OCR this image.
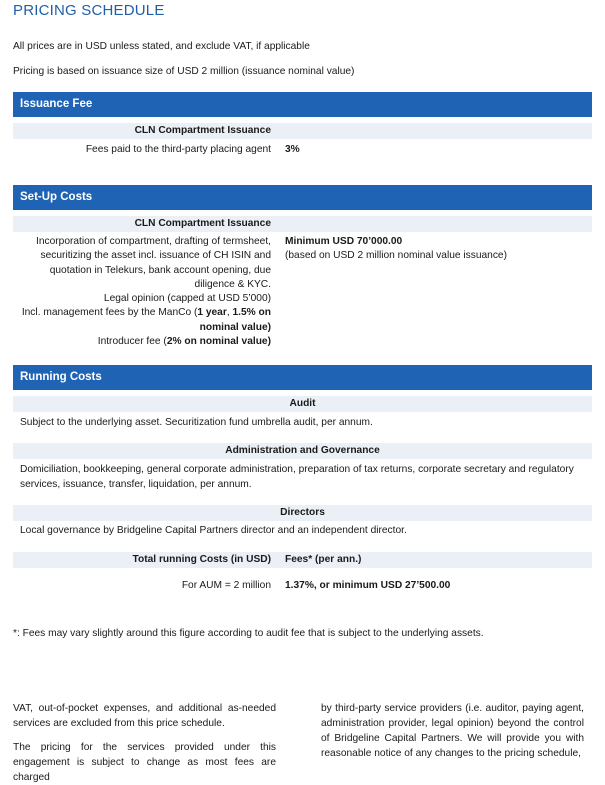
PRICING SCHEDULE
All prices are in USD unless stated, and exclude VAT, if applicable
Pricing is based on issuance size of USD 2 million (issuance nominal value)
Issuance Fee
CLN Compartment Issuance
Fees paid to the third-party placing agent 3%
Set-Up Costs
CLN Compartment Issuance
Incorporation of compartment, drafting of termsheet,
securitizing the asset incl. issuance of CH ISIN and
quotation in Telekurs, bank account opening, due
diligence & KYC.
Legal opinion (capped at USD 5’000)
Incl. management fees by the ManCo (1 year, 1.5% on
nominal value)
Introducer fee (2% on nominal value)
Minimum USD 70’000.00
(based on USD 2 million nominal value issuance)
Running Costs
Audit
Subject to the underlying asset. Securitization fund umbrella audit, per annum.
Administration and Governance
Domiciliation, bookkeeping, general corporate administration, preparation of tax returns, corporate secretary and regulatory services, issuance, transfer, liquidation, per annum.
Directors
Local governance by Bridgeline Capital Partners director and an independent director.
Total running Costs (in USD) Fees* (per ann.)
For AUM = 2 million 1.37%, or minimum USD 27’500.00
*: Fees may vary slightly around this figure according to audit fee that is subject to the underlying assets.
VAT, out-of-pocket expenses, and additional as-needed services are excluded from this price schedule.
The pricing for the services provided under this engagement is subject to change as most fees are charged
by third-party service providers (i.e. auditor, paying agent, administration provider, legal opinion) beyond the control of Bridgeline Capital Partners. We will provide you with reasonable notice of any changes to the pricing schedule,
